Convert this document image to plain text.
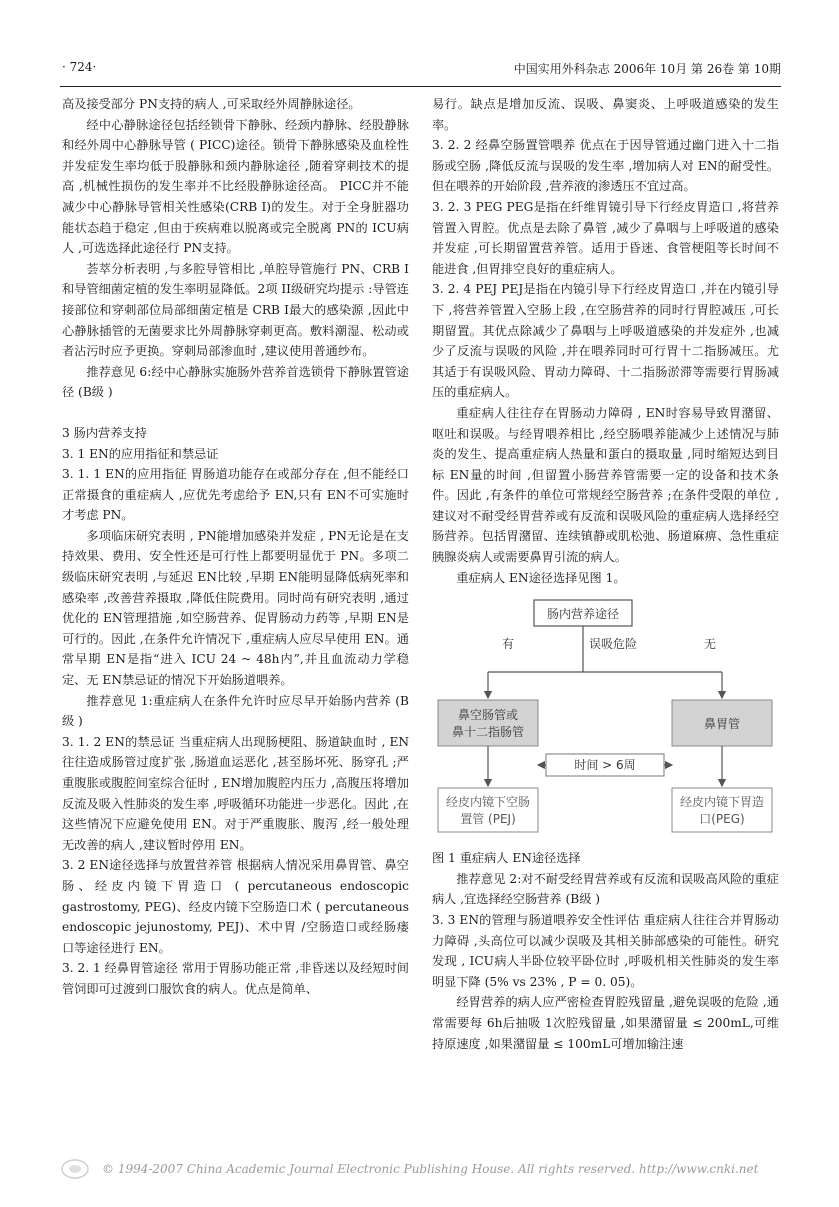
· 724·	中国实用外科杂志 2006年 10月 第 26卷 第 10期

高及接受部分 PN支持的病人 ,可采取经外周静脉途径。

经中心静脉途径包括经锁骨下静脉、经颈内静脉、经股静脉和经外周中心静脉导管 ( PICC)途径。锁骨下静脉感染及血栓性并发症发生率均低于股静脉和颈内静脉途径 ,随着穿刺技术的提高 ,机械性损伤的发生率并不比经股静脉途径高。 PICC并不能减少中心静脉导管相关性感染(CRB I)的发生。对于全身脏器功能状态趋于稳定 ,但由于疾病难以脱离或完全脱离 PN的 ICU病人 ,可选选择此途径行 PN支持。

荟萃分析表明 ,与多腔导管相比 ,单腔导管施行 PN、CRB I和导管细菌定植的发生率明显降低。2项 II级研究均提示 :导管连接部位和穿刺部位局部细菌定植是 CRB I最大的感染源 ,因此中心静脉插管的无菌要求比外周静脉穿刺更高。敷料潮湿、松动或者沾污时应予更换。穿刺局部渗血时 ,建议使用普通纱布。

推荐意见 6:经中心静脉实施肠外营养首选锁骨下静脉置管途径 (B级 )

3 肠内营养支持

3. 1 EN的应用指征和禁忌证

3. 1. 1 EN的应用指征 胃肠道功能存在或部分存在 ,但不能经口正常摄食的重症病人 ,应优先考虑给予 EN,只有 EN不可实施时才考虑 PN。

多项临床研究表明 , PN能增加感染并发症 , PN无论是在支持效果、费用、安全性还是可行性上都要明显优于 PN。多项二级临床研究表明 ,与延迟 EN比较 ,早期 EN能明显降低病死率和感染率 ,改善营养摄取 ,降低住院费用。同时尚有研究表明 ,通过优化的 EN管理措施 ,如空肠营养、促胃肠动力药等 ,早期 EN是可行的。因此 ,在条件允许情况下 ,重症病人应尽早使用 EN。通常早期 EN是指“进入 ICU 24 ~ 48h内”,并且血流动力学稳定、无 EN禁忌证的情况下开始肠道喂养。

推荐意见 1:重症病人在条件允许时应尽早开始肠内营养 (B级 )

3. 1. 2 EN的禁忌证 当重症病人出现肠梗阻、肠道缺血时 , EN往往造成肠管过度扩张 ,肠道血运恶化 ,甚至肠坏死、肠穿孔 ;严重腹胀或腹腔间室综合征时 , EN增加腹腔内压力 ,高腹压将增加反流及吸入性肺炎的发生率 ,呼吸循环功能进一步恶化。因此 ,在这些情况下应避免使用 EN。对于严重腹胀、腹泻 ,经一般处理无改善的病人 ,建议暂时停用 EN。

3. 2 EN途径选择与放置营养管 根据病人情况采用鼻胃管、鼻空肠、经皮内镜下胃造口 ( percutaneous endoscopic gastrostomy, PEG)、经皮内镜下空肠造口术 ( percutaneous endoscopic jejunostomy, PEJ)、术中胃 /空肠造口或经肠瘘口等途径进行 EN。

3. 2. 1 经鼻胃管途径 常用于胃肠功能正常 ,非昏迷以及经短时间管饲即可过渡到口服饮食的病人。优点是简单、

易行。缺点是增加反流、误吸、鼻窦炎、上呼吸道感染的发生率。

3. 2. 2 经鼻空肠置管喂养 优点在于因导管通过幽门进入十二指肠或空肠 ,降低反流与误吸的发生率 ,增加病人对 EN的耐受性。但在喂养的开始阶段 ,营养液的渗透压不宜过高。

3. 2. 3 PEG PEG是指在纤维胃镜引导下行经皮胃造口 ,将营养管置入胃腔。优点是去除了鼻管 ,减少了鼻咽与上呼吸道的感染并发症 ,可长期留置营养管。适用于昏迷、食管梗阻等长时间不能进食 ,但胃排空良好的重症病人。

3. 2. 4 PEJ PEJ是指在内镜引导下行经皮胃造口 ,并在内镜引导下 ,将营养管置入空肠上段 ,在空肠营养的同时行胃腔减压 ,可长期留置。其优点除减少了鼻咽与上呼吸道感染的并发症外 ,也减少了反流与误吸的风险 ,并在喂养同时可行胃十二指肠减压。尤其适于有误吸风险、胃动力障碍、十二指肠淤滞等需要行胃肠减压的重症病人。

重症病人往往存在胃肠动力障碍 , EN时容易导致胃潴留、呕吐和误吸。与经胃喂养相比 ,经空肠喂养能减少上述情况与肺炎的发生、提高重症病人热量和蛋白的摄取量 ,同时缩短达到目标 EN量的时间 ,但留置小肠营养管需要一定的设备和技术条件。因此 ,有条件的单位可常规经空肠营养 ;在条件受限的单位 ,建议对不耐受经胃营养或有反流和误吸风险的重症病人选择经空肠营养。包括胃潴留、连续镇静或肌松弛、肠道麻痹、急性重症胰腺炎病人或需要鼻胃引流的病人。

重症病人 EN途径选择见图 1。

肠内营养途径
误吸危险
有	无
鼻空肠管或鼻十二指肠管
鼻胃管
时间 > 6周
经皮内镜下空肠置管 (PEJ)
经皮内镜下胃造口(PEG)

图 1 重症病人 EN途径选择

推荐意见 2:对不耐受经胃营养或有反流和误吸高风险的重症病人 ,宜选择经空肠营养 (B级 )

3. 3 EN的管理与肠道喂养安全性评估 重症病人往往合并胃肠动力障碍 ,头高位可以减少误吸及其相关肺部感染的可能性。研究发现 , ICU病人半卧位较平卧位时 ,呼吸机相关性肺炎的发生率明显下降 (5% vs 23% , P = 0. 05)。

经胃营养的病人应严密检查胃腔残留量 ,避免误吸的危险 ,通常需要每 6h后抽吸 1次腔残留量 ,如果潴留量 ≤ 200mL,可维持原速度 ,如果潴留量 ≤ 100mL可增加输注速

© 1994-2007 China Academic Journal Electronic Publishing House. All rights reserved. http://www.cnki.net
